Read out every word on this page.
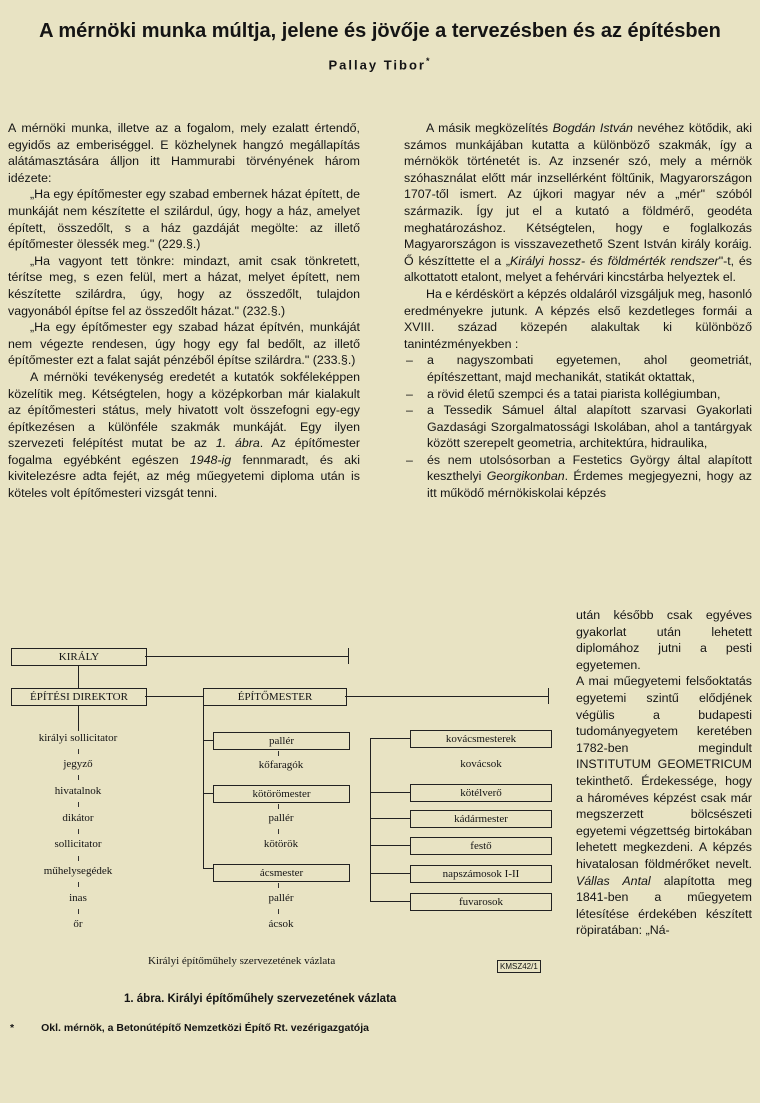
A mérnöki munka múltja, jelene és jövője a tervezésben és az építésben
Pallay Tibor*

A mérnöki munka, illetve az a fogalom, mely ezalatt értendő, egyidős az emberiséggel. E közhelynek hangzó megállapítás alátámasztására álljon itt Hammurabi törvényének három idézete:

„Ha egy építőmester egy szabad embernek házat épített, de munkáját nem készítette el szilárdul, úgy, hogy a ház, amelyet épített, összedőlt, s a ház gazdáját megölte: az illető építőmester ölessék meg." (229.§.)

„Ha vagyont tett tönkre: mindazt, amit csak tönkretett, térítse meg, s ezen felül, mert a házat, melyet épített, nem készítette szilárdra, úgy, hogy az összedőlt, tulajdon vagyonából építse fel az összedőlt házat." (232.§.)

„Ha egy építőmester egy szabad házat építvén, munkáját nem végezte rendesen, úgy hogy egy fal bedőlt, az illető építőmester ezt a falat saját pénzéből építse szilárdra." (233.§.)

A mérnöki tevékenység eredetét a kutatók sokféleképpen közelítik meg. Kétségtelen, hogy a középkorban már kialakult az építőmesteri státus, mely hivatott volt összefogni egy-egy építkezésen a különféle szakmák munkáját. Egy ilyen szervezeti felépítést mutat be az 1. ábra. Az építőmester fogalma egyébként egészen 1948-ig fennmaradt, és aki kivitelezésre adta fejét, az még műegyetemi diploma után is köteles volt építőmesteri vizsgát tenni.

A másik megközelítés Bogdán István nevéhez kötődik, aki számos munkájában kutatta a különböző szakmák, így a mérnökök történetét is. Az inzsenér szó, mely a mérnök szóhasználat előtt már inzsellérként föltűnik, Magyarországon 1707-től ismert. Az újkori magyar név a „mér" szóból származik. Így jut el a kutató a földmérő, geodéta meghatározáshoz. Kétségtelen, hogy e foglalkozás Magyarországon is visszavezethető Szent István király koráig. Ő készíttette el a „Királyi hossz- és földmérték rendszer"-t, és alkottatott etalont, melyet a fehérvári kincstárba helyeztek el.

Ha e kérdéskört a képzés oldaláról vizsgáljuk meg, hasonló eredményekre jutunk. A képzés első kezdetleges formái a XVIII. század közepén alakultak ki különböző tanintézményekben :

– a nagyszombati egyetemen, ahol geometriát, építészettant, majd mechanikát, statikát oktattak,
– a rövid életű szempci és a tatai piarista kollégiumban,
– a Tessedik Sámuel által alapított szarvasi Gyakorlati Gazdasági Szorgalmatossági Iskolában, ahol a tantárgyak között szerepelt geometria, architektúra, hidraulika,
– és nem utolsósorban a Festetics György által alapított keszthelyi Georgikonban. Érdemes megjegyezni, hogy az itt működő mérnökiskolai képzés

után később csak egyéves gyakorlat után lehetett diplomához jutni a pesti egyetemen.

A mai műegyetemi felsőoktatás egyetemi szintű elődjének végülis a budapesti tudományegyetem keretében 1782-ben megindult INSTITUTUM GEOMETRICUM tekinthető. Érdekessége, hogy a hároméves képzést csak már megszerzett bölcsészeti egyetemi végzettség birtokában lehetett megkezdeni. A képzés hivatalosan földmérőket nevelt. Vállas Antal alapította meg 1841-ben a műegyetem létesítése érdekében készített röpiratában: „Ná-

KIRÁLY
ÉPÍTÉSI DIREKTOR	ÉPÍTŐMESTER
királyi sollicitator
jegyző
hivatalnok
dikátor
sollicitator
műhelysegédek
inas
őr
pallér
kőfaragók
kötörömester
pallér
kötörök
ácsmester
pallér
ácsok
kovácsmesterek
kovácsok
kötélverő
kádármester
festő
napszámosok I-II
fuvarosok
Királyi építőműhely szervezetének vázlata	KMSZ42/1
1. ábra. Királyi építőműhely szervezetének vázlata
*	Okl. mérnök, a Betonútépítő Nemzetközi Építő Rt. vezérigazgatója
